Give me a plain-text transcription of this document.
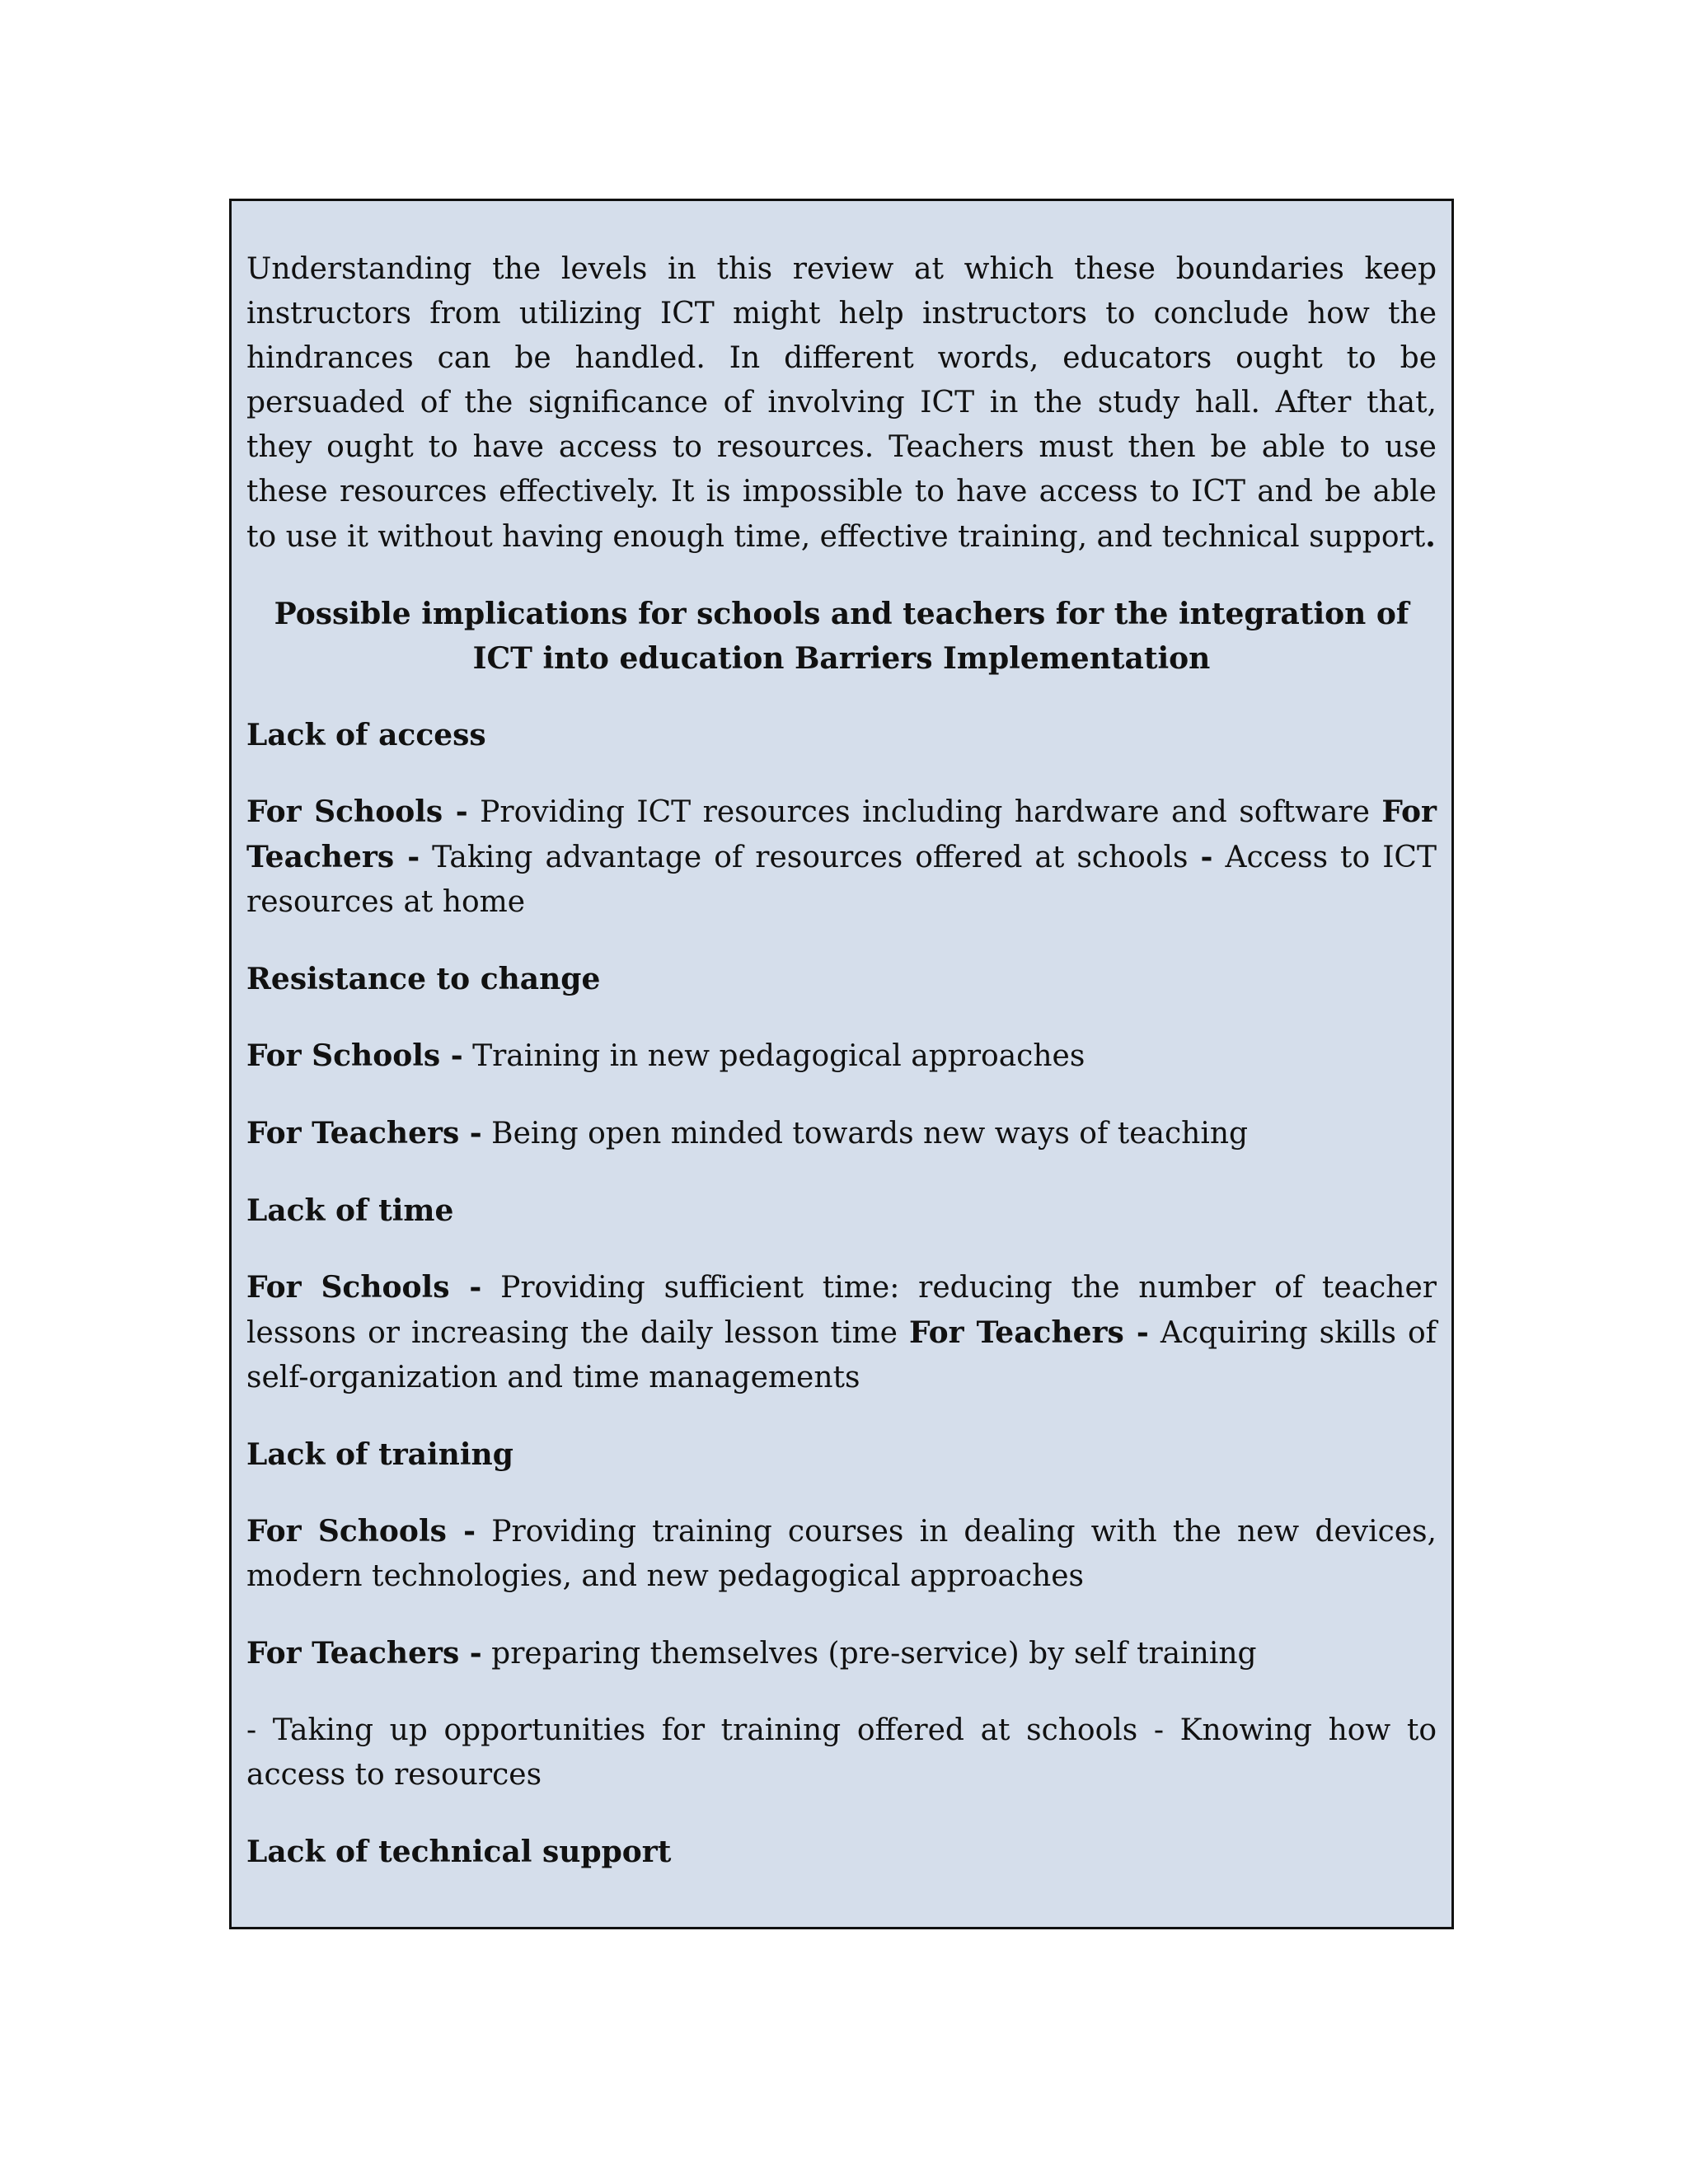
Understanding the levels in this review at which these boundaries keep instructors from utilizing ICT might help instructors to conclude how the hindrances can be handled. In different words, educators ought to be persuaded of the significance of involving ICT in the study hall. After that, they ought to have access to resources. Teachers must then be able to use these resources effectively. It is impossible to have access to ICT and be able to use it without having enough time, effective training, and technical support.

Possible implications for schools and teachers for the integration of ICT into education Barriers Implementation
Lack of access

For Schools - Providing ICT resources including hardware and software For Teachers - Taking advantage of resources offered at schools - Access to ICT resources at home

Resistance to change

For Schools - Training in new pedagogical approaches

For Teachers - Being open minded towards new ways of teaching

Lack of time

For Schools - Providing sufficient time: reducing the number of teacher lessons or increasing the daily lesson time For Teachers - Acquiring skills of self-organization and time managements

Lack of training

For Schools - Providing training courses in dealing with the new devices, modern technologies, and new pedagogical approaches

For Teachers - preparing themselves (pre-service) by self training

- Taking up opportunities for training offered at schools - Knowing how to access to resources

Lack of technical support
